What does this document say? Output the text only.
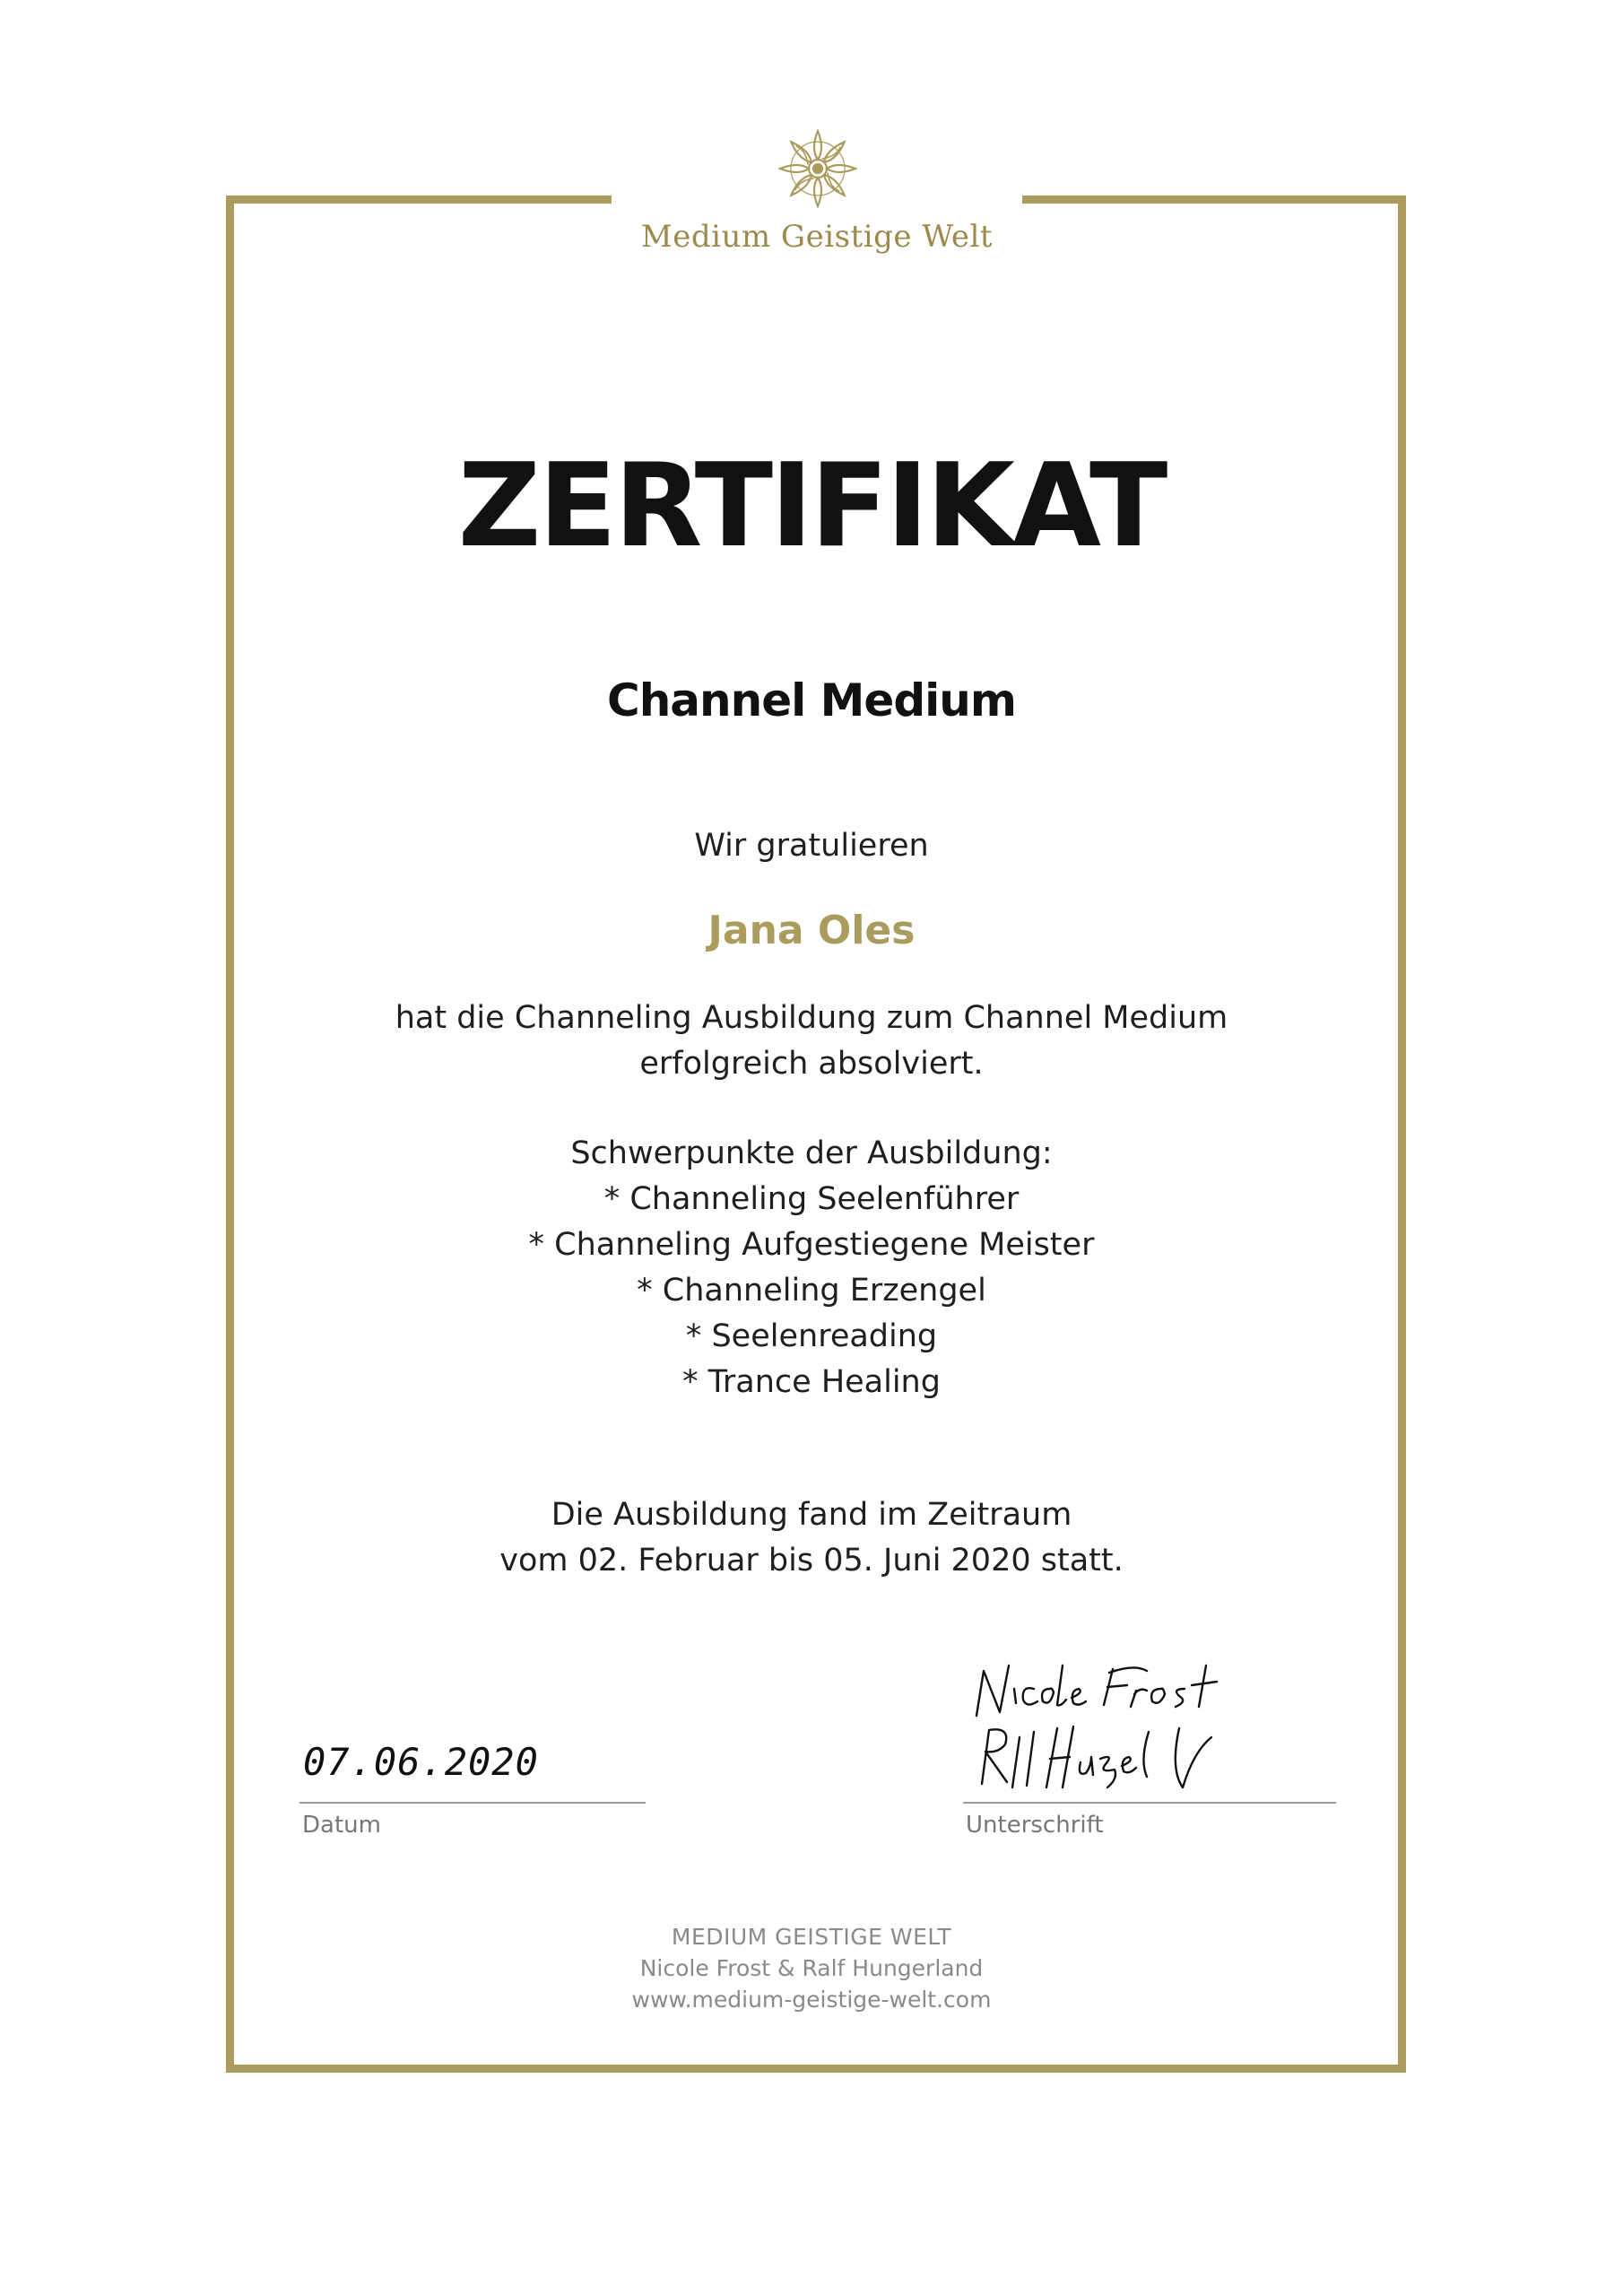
Medium Geistige Welt
ZERTIFIKAT
Channel Medium
Wir gratulieren
Jana Oles
hat die Channeling Ausbildung zum Channel Medium
erfolgreich absolviert.
Schwerpunkte der Ausbildung:
* Channeling Seelenführer
* Channeling Aufgestiegene Meister
* Channeling Erzengel
* Seelenreading
* Trance Healing
Die Ausbildung fand im Zeitraum
vom 02. Februar bis 05. Juni 2020 statt.
07.06.2020
Datum	Unterschrift
MEDIUM GEISTIGE WELT
Nicole Frost & Ralf Hungerland
www.medium-geistige-welt.com
